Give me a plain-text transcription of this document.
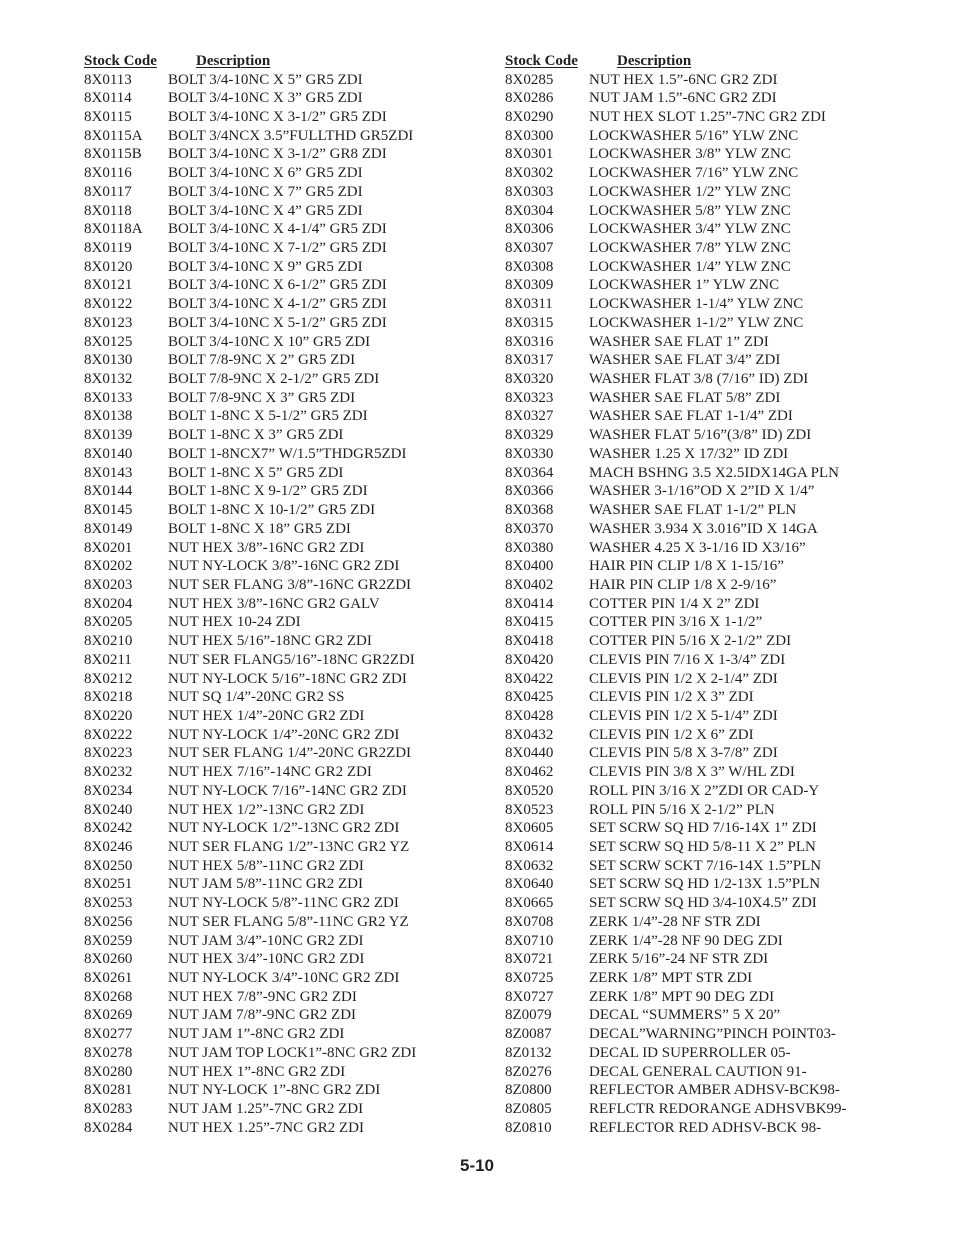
Stock Code	Description
8X0113	BOLT 3/4-10NC X 5” GR5 ZDI
8X0114	BOLT 3/4-10NC X 3” GR5 ZDI
8X0115	BOLT 3/4-10NC X 3-1/2” GR5 ZDI
8X0115A	BOLT 3/4NCX 3.5”FULLTHD GR5ZDI
8X0115B	BOLT 3/4-10NC X 3-1/2” GR8 ZDI
8X0116	BOLT 3/4-10NC X 6” GR5 ZDI
8X0117	BOLT 3/4-10NC X 7” GR5 ZDI
8X0118	BOLT 3/4-10NC X 4” GR5 ZDI
8X0118A	BOLT 3/4-10NC X 4-1/4” GR5 ZDI
8X0119	BOLT 3/4-10NC X 7-1/2” GR5 ZDI
8X0120	BOLT 3/4-10NC X 9” GR5 ZDI
8X0121	BOLT 3/4-10NC X 6-1/2” GR5 ZDI
8X0122	BOLT 3/4-10NC X 4-1/2” GR5 ZDI
8X0123	BOLT 3/4-10NC X 5-1/2” GR5 ZDI
8X0125	BOLT 3/4-10NC X 10” GR5 ZDI
8X0130	BOLT 7/8-9NC X 2” GR5 ZDI
8X0132	BOLT 7/8-9NC X 2-1/2” GR5 ZDI
8X0133	BOLT 7/8-9NC X 3” GR5 ZDI
8X0138	BOLT 1-8NC X 5-1/2” GR5 ZDI
8X0139	BOLT 1-8NC X 3” GR5 ZDI
8X0140	BOLT 1-8NCX7” W/1.5”THDGR5ZDI
8X0143	BOLT 1-8NC X 5” GR5 ZDI
8X0144	BOLT 1-8NC X 9-1/2” GR5 ZDI
8X0145	BOLT 1-8NC X 10-1/2” GR5 ZDI
8X0149	BOLT 1-8NC X 18” GR5 ZDI
8X0201	NUT HEX 3/8”-16NC GR2 ZDI
8X0202	NUT NY-LOCK 3/8”-16NC GR2 ZDI
8X0203	NUT SER FLANG 3/8”-16NC GR2ZDI
8X0204	NUT HEX 3/8”-16NC GR2 GALV
8X0205	NUT HEX 10-24 ZDI
8X0210	NUT HEX 5/16”-18NC GR2 ZDI
8X0211	NUT SER FLANG5/16”-18NC GR2ZDI
8X0212	NUT NY-LOCK 5/16”-18NC GR2 ZDI
8X0218	NUT SQ 1/4”-20NC GR2 SS
8X0220	NUT HEX 1/4”-20NC GR2 ZDI
8X0222	NUT NY-LOCK 1/4”-20NC GR2 ZDI
8X0223	NUT SER FLANG 1/4”-20NC GR2ZDI
8X0232	NUT HEX 7/16”-14NC GR2 ZDI
8X0234	NUT NY-LOCK 7/16”-14NC GR2 ZDI
8X0240	NUT HEX 1/2”-13NC GR2 ZDI
8X0242	NUT NY-LOCK 1/2”-13NC GR2 ZDI
8X0246	NUT SER FLANG 1/2”-13NC GR2 YZ
8X0250	NUT HEX 5/8”-11NC GR2 ZDI
8X0251	NUT JAM 5/8”-11NC GR2 ZDI
8X0253	NUT NY-LOCK 5/8”-11NC GR2 ZDI
8X0256	NUT SER FLANG 5/8”-11NC GR2 YZ
8X0259	NUT JAM 3/4”-10NC GR2 ZDI
8X0260	NUT HEX 3/4”-10NC GR2 ZDI
8X0261	NUT NY-LOCK 3/4”-10NC GR2 ZDI
8X0268	NUT HEX 7/8”-9NC GR2 ZDI
8X0269	NUT JAM 7/8”-9NC GR2 ZDI
8X0277	NUT JAM 1”-8NC GR2 ZDI
8X0278	NUT JAM TOP LOCK1”-8NC GR2 ZDI
8X0280	NUT HEX 1”-8NC GR2 ZDI
8X0281	NUT NY-LOCK 1”-8NC GR2 ZDI
8X0283	NUT JAM 1.25”-7NC GR2 ZDI
8X0284	NUT HEX 1.25”-7NC GR2 ZDI
Stock Code	Description
8X0285	NUT HEX 1.5”-6NC GR2 ZDI
8X0286	NUT JAM 1.5”-6NC GR2 ZDI
8X0290	NUT HEX SLOT 1.25”-7NC GR2 ZDI
8X0300	LOCKWASHER 5/16” YLW ZNC
8X0301	LOCKWASHER 3/8” YLW ZNC
8X0302	LOCKWASHER 7/16” YLW ZNC
8X0303	LOCKWASHER 1/2” YLW ZNC
8X0304	LOCKWASHER 5/8” YLW ZNC
8X0306	LOCKWASHER 3/4” YLW ZNC
8X0307	LOCKWASHER 7/8” YLW ZNC
8X0308	LOCKWASHER 1/4” YLW ZNC
8X0309	LOCKWASHER 1” YLW ZNC
8X0311	LOCKWASHER 1-1/4” YLW ZNC
8X0315	LOCKWASHER 1-1/2” YLW ZNC
8X0316	WASHER SAE FLAT 1” ZDI
8X0317	WASHER SAE FLAT 3/4” ZDI
8X0320	WASHER FLAT 3/8 (7/16” ID) ZDI
8X0323	WASHER SAE FLAT 5/8” ZDI
8X0327	WASHER SAE FLAT 1-1/4” ZDI
8X0329	WASHER FLAT 5/16”(3/8” ID) ZDI
8X0330	WASHER 1.25 X 17/32” ID ZDI
8X0364	MACH BSHNG 3.5 X2.5IDX14GA PLN
8X0366	WASHER 3-1/16”OD X 2”ID X 1/4”
8X0368	WASHER SAE FLAT 1-1/2” PLN
8X0370	WASHER 3.934 X 3.016”ID X 14GA
8X0380	WASHER 4.25 X 3-1/16 ID X3/16”
8X0400	HAIR PIN CLIP 1/8 X 1-15/16”
8X0402	HAIR PIN CLIP 1/8 X 2-9/16”
8X0414	COTTER PIN 1/4 X 2” ZDI
8X0415	COTTER PIN 3/16 X 1-1/2”
8X0418	COTTER PIN 5/16 X 2-1/2” ZDI
8X0420	CLEVIS PIN 7/16 X 1-3/4” ZDI
8X0422	CLEVIS PIN 1/2 X 2-1/4” ZDI
8X0425	CLEVIS PIN 1/2 X 3” ZDI
8X0428	CLEVIS PIN 1/2 X 5-1/4” ZDI
8X0432	CLEVIS PIN 1/2 X 6” ZDI
8X0440	CLEVIS PIN 5/8 X 3-7/8” ZDI
8X0462	CLEVIS PIN 3/8 X 3” W/HL ZDI
8X0520	ROLL PIN 3/16 X 2”ZDI OR CAD-Y
8X0523	ROLL PIN 5/16 X 2-1/2” PLN
8X0605	SET SCRW SQ HD 7/16-14X 1” ZDI
8X0614	SET SCRW SQ HD 5/8-11 X 2” PLN
8X0632	SET SCRW SCKT 7/16-14X 1.5”PLN
8X0640	SET SCRW SQ HD 1/2-13X 1.5”PLN
8X0665	SET SCRW SQ HD 3/4-10X4.5” ZDI
8X0708	ZERK 1/4”-28 NF STR ZDI
8X0710	ZERK 1/4”-28 NF 90 DEG ZDI
8X0721	ZERK 5/16”-24 NF STR ZDI
8X0725	ZERK 1/8” MPT STR ZDI
8X0727	ZERK 1/8” MPT 90 DEG ZDI
8Z0079	DECAL “SUMMERS” 5 X 20”
8Z0087	DECAL”WARNING”PINCH POINT03-
8Z0132	DECAL ID SUPERROLLER 05-
8Z0276	DECAL GENERAL CAUTION 91-
8Z0800	REFLECTOR AMBER ADHSV-BCK98-
8Z0805	REFLCTR REDORANGE ADHSVBK99-
8Z0810	REFLECTOR RED ADHSV-BCK 98-
5-10
